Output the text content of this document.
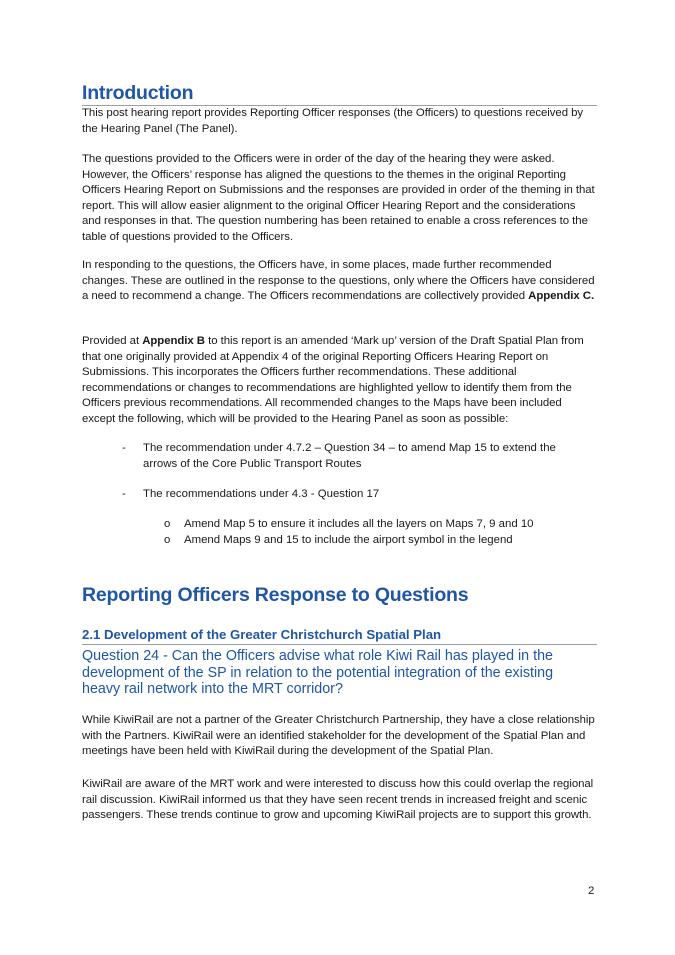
Introduction

This post hearing report provides Reporting Officer responses (the Officers) to questions received by the Hearing Panel (The Panel).

The questions provided to the Officers were in order of the day of the hearing they were asked. However, the Officers’ response has aligned the questions to the themes in the original Reporting Officers Hearing Report on Submissions and the responses are provided in order of the theming in that report. This will allow easier alignment to the original Officer Hearing Report and the considerations and responses in that. The question numbering has been retained to enable a cross references to the table of questions provided to the Officers.

In responding to the questions, the Officers have, in some places, made further recommended changes. These are outlined in the response to the questions, only where the Officers have considered a need to recommend a change. The Officers recommendations are collectively provided Appendix C.

Provided at Appendix B to this report is an amended ‘Mark up’ version of the Draft Spatial Plan from that one originally provided at Appendix 4 of the original Reporting Officers Hearing Report on Submissions. This incorporates the Officers further recommendations. These additional recommendations or changes to recommendations are highlighted yellow to identify them from the Officers previous recommendations. All recommended changes to the Maps have been included except the following, which will be provided to the Hearing Panel as soon as possible:

- The recommendation under 4.7.2 – Question 34 – to amend Map 15 to extend the arrows of the Core Public Transport Routes
- The recommendations under 4.3 - Question 17
o Amend Map 5 to ensure it includes all the layers on Maps 7, 9 and 10
o Amend Maps 9 and 15 to include the airport symbol in the legend
Reporting Officers Response to Questions
2.1 Development of the Greater Christchurch Spatial Plan
Question 24 - Can the Officers advise what role Kiwi Rail has played in the development of the SP in relation to the potential integration of the existing heavy rail network into the MRT corridor?

While KiwiRail are not a partner of the Greater Christchurch Partnership, they have a close relationship with the Partners. KiwiRail were an identified stakeholder for the development of the Spatial Plan and meetings have been held with KiwiRail during the development of the Spatial Plan.

KiwiRail are aware of the MRT work and were interested to discuss how this could overlap the regional rail discussion. KiwiRail informed us that they have seen recent trends in increased freight and scenic passengers. These trends continue to grow and upcoming KiwiRail projects are to support this growth.

2
